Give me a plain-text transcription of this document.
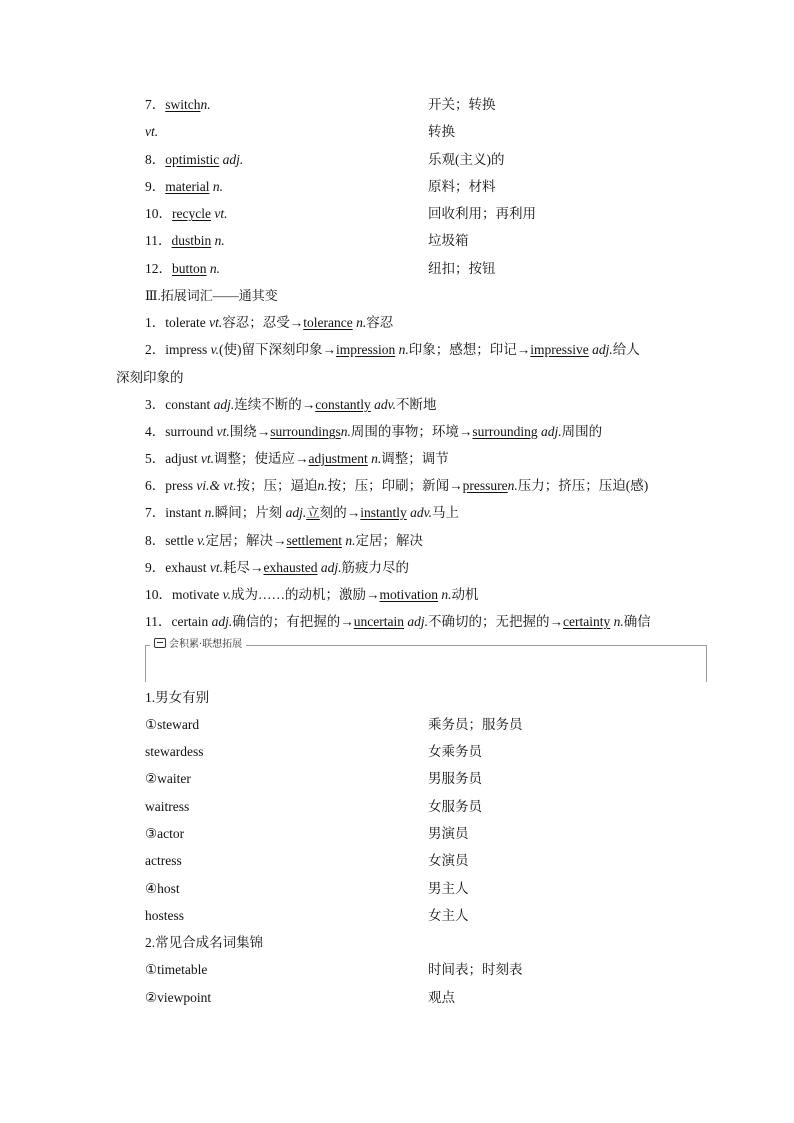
7．switchn.	开关；转换
vt.	转换
8．optimistic adj.	乐观(主义)的
9．material n.	原料；材料
10．recycle vt.	回收利用；再利用
11．dustbin n.	垃圾箱
12．button n.	纽扣；按钮
Ⅲ.拓展词汇——通其变
1．tolerate vt.容忍；忍受→tolerance n.容忍
2．impress v.(使)留下深刻印象→impression n.印象；感想；印记→impressive adj.给人
深刻印象的
3．constant adj.连续不断的→constantly adv.不断地
4．surround vt.围绕→surroundingsn.周围的事物；环境→surrounding adj.周围的
5．adjust vt.调整；使适应→adjustment n.调整；调节
6．press vi.& vt.按；压；逼迫n.按；压；印刷；新闻→pressuren.压力；挤压；压迫(感)
7．instant n.瞬间；片刻 adj.立刻的→instantly adv.马上
8．settle v.定居；解决→settlement n.定居；解决
9．exhaust vt.耗尽→exhausted adj.筋疲力尽的
10．motivate v.成为……的动机；激励→motivation n.动机
11．certain adj.确信的；有把握的→uncertain adj.不确切的；无把握的→certainty n.确信
会积累·联想拓展
1.男女有别
①steward	乘务员；服务员
stewardess	女乘务员
②waiter	男服务员
waitress	女服务员
③actor	男演员
actress	女演员
④host	男主人
hostess	女主人
2.常见合成名词集锦
①timetable	时间表；时刻表
②viewpoint	观点
